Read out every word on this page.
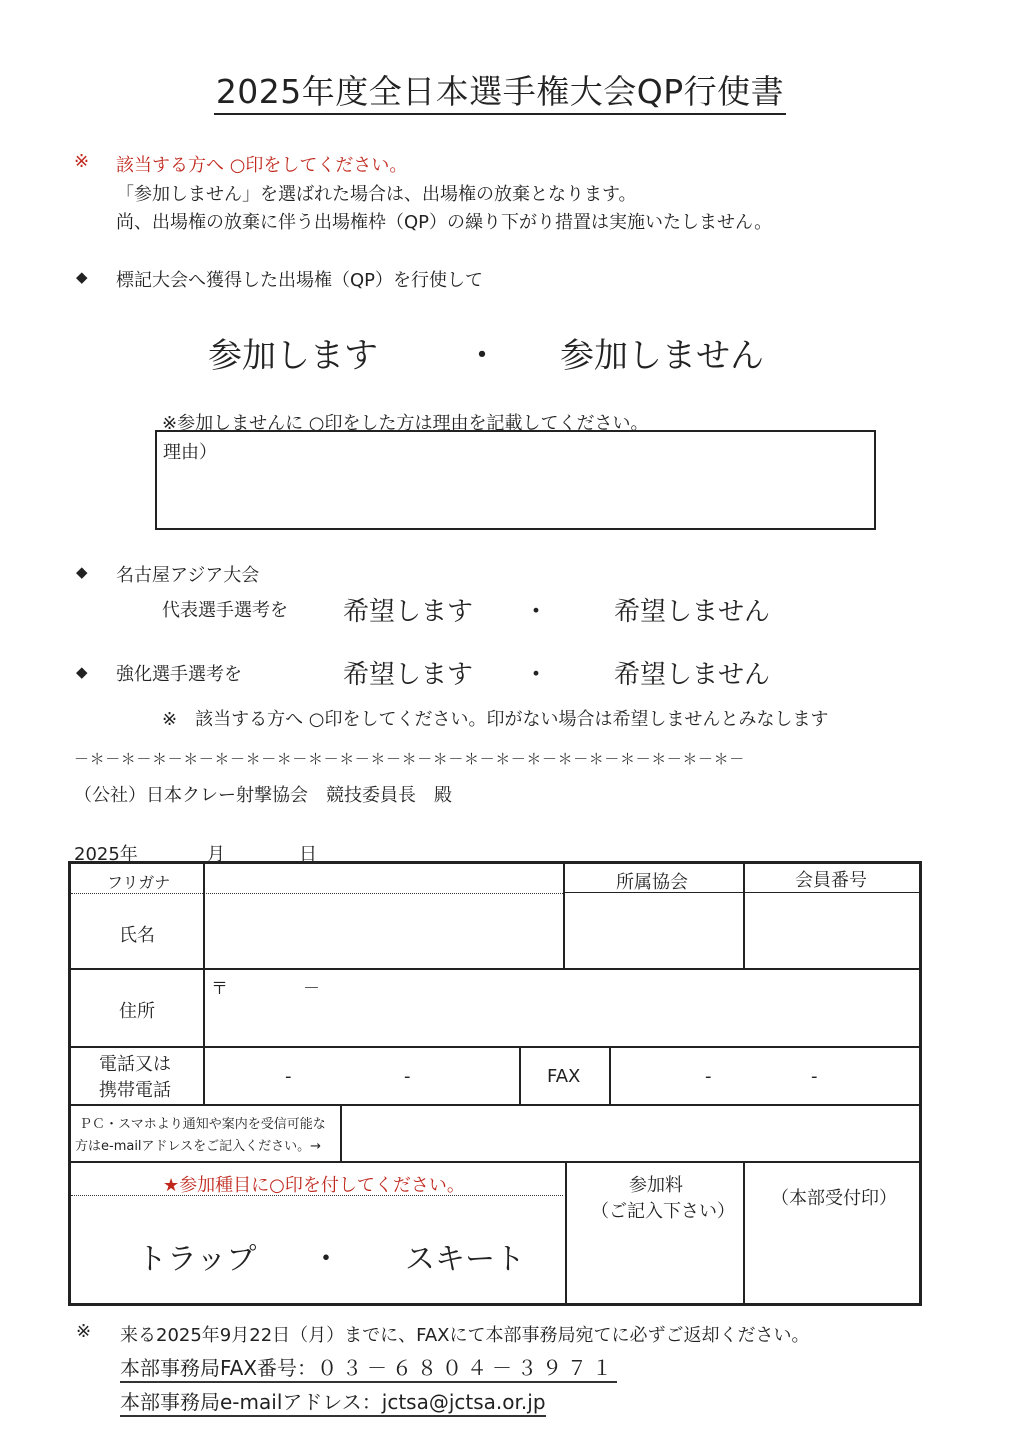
2025年度全日本選手権大会QP行使書
※ 該当する方へ ○印をしてください。
「参加しません」を選ばれた場合は、出場権の放棄となります。
尚、出場権の放棄に伴う出場権枠（QP）の繰り下がり措置は実施いたしません。
◆ 標記大会へ獲得した出場権（QP）を行使して
参加します	・ 参加しません
※参加しませんに ○印をした方は理由を記載してください。
理由）
◆ 名古屋アジア大会
代表選手選考を 希望します ・ 希望しません
◆ 強化選手選考を	希望します ・ 希望しません
※　該当する方へ ○印をしてください。印がない場合は希望しませんとみなします
－＊－＊－＊－＊－＊－＊－＊－＊－＊－＊－＊－＊－＊－＊－＊－＊－＊－＊－＊－＊－＊－
（公社）日本クレー射撃協会　競技委員長　殿
2025年	月	日
フリガナ	所属協会	会員番号
氏名
住所
〒	－
電話又は
携帯電話
-	-	FAX	-	-
ＰＣ・スマホより通知や案内を受信可能な
方はe-mailアドレスをご記入ください。→
★参加種目に○印を付してください。
トラップ ・ スキート
参加料
（ご記入下さい）
（本部受付印）
※ 来る2025年9月22日（月）までに、FAXにて本部事務局宛てに必ずご返却ください。
本部事務局FAX番号：０３－６８０４－３９７１
本部事務局e-mailアドレス：jctsa@jctsa.or.jp
